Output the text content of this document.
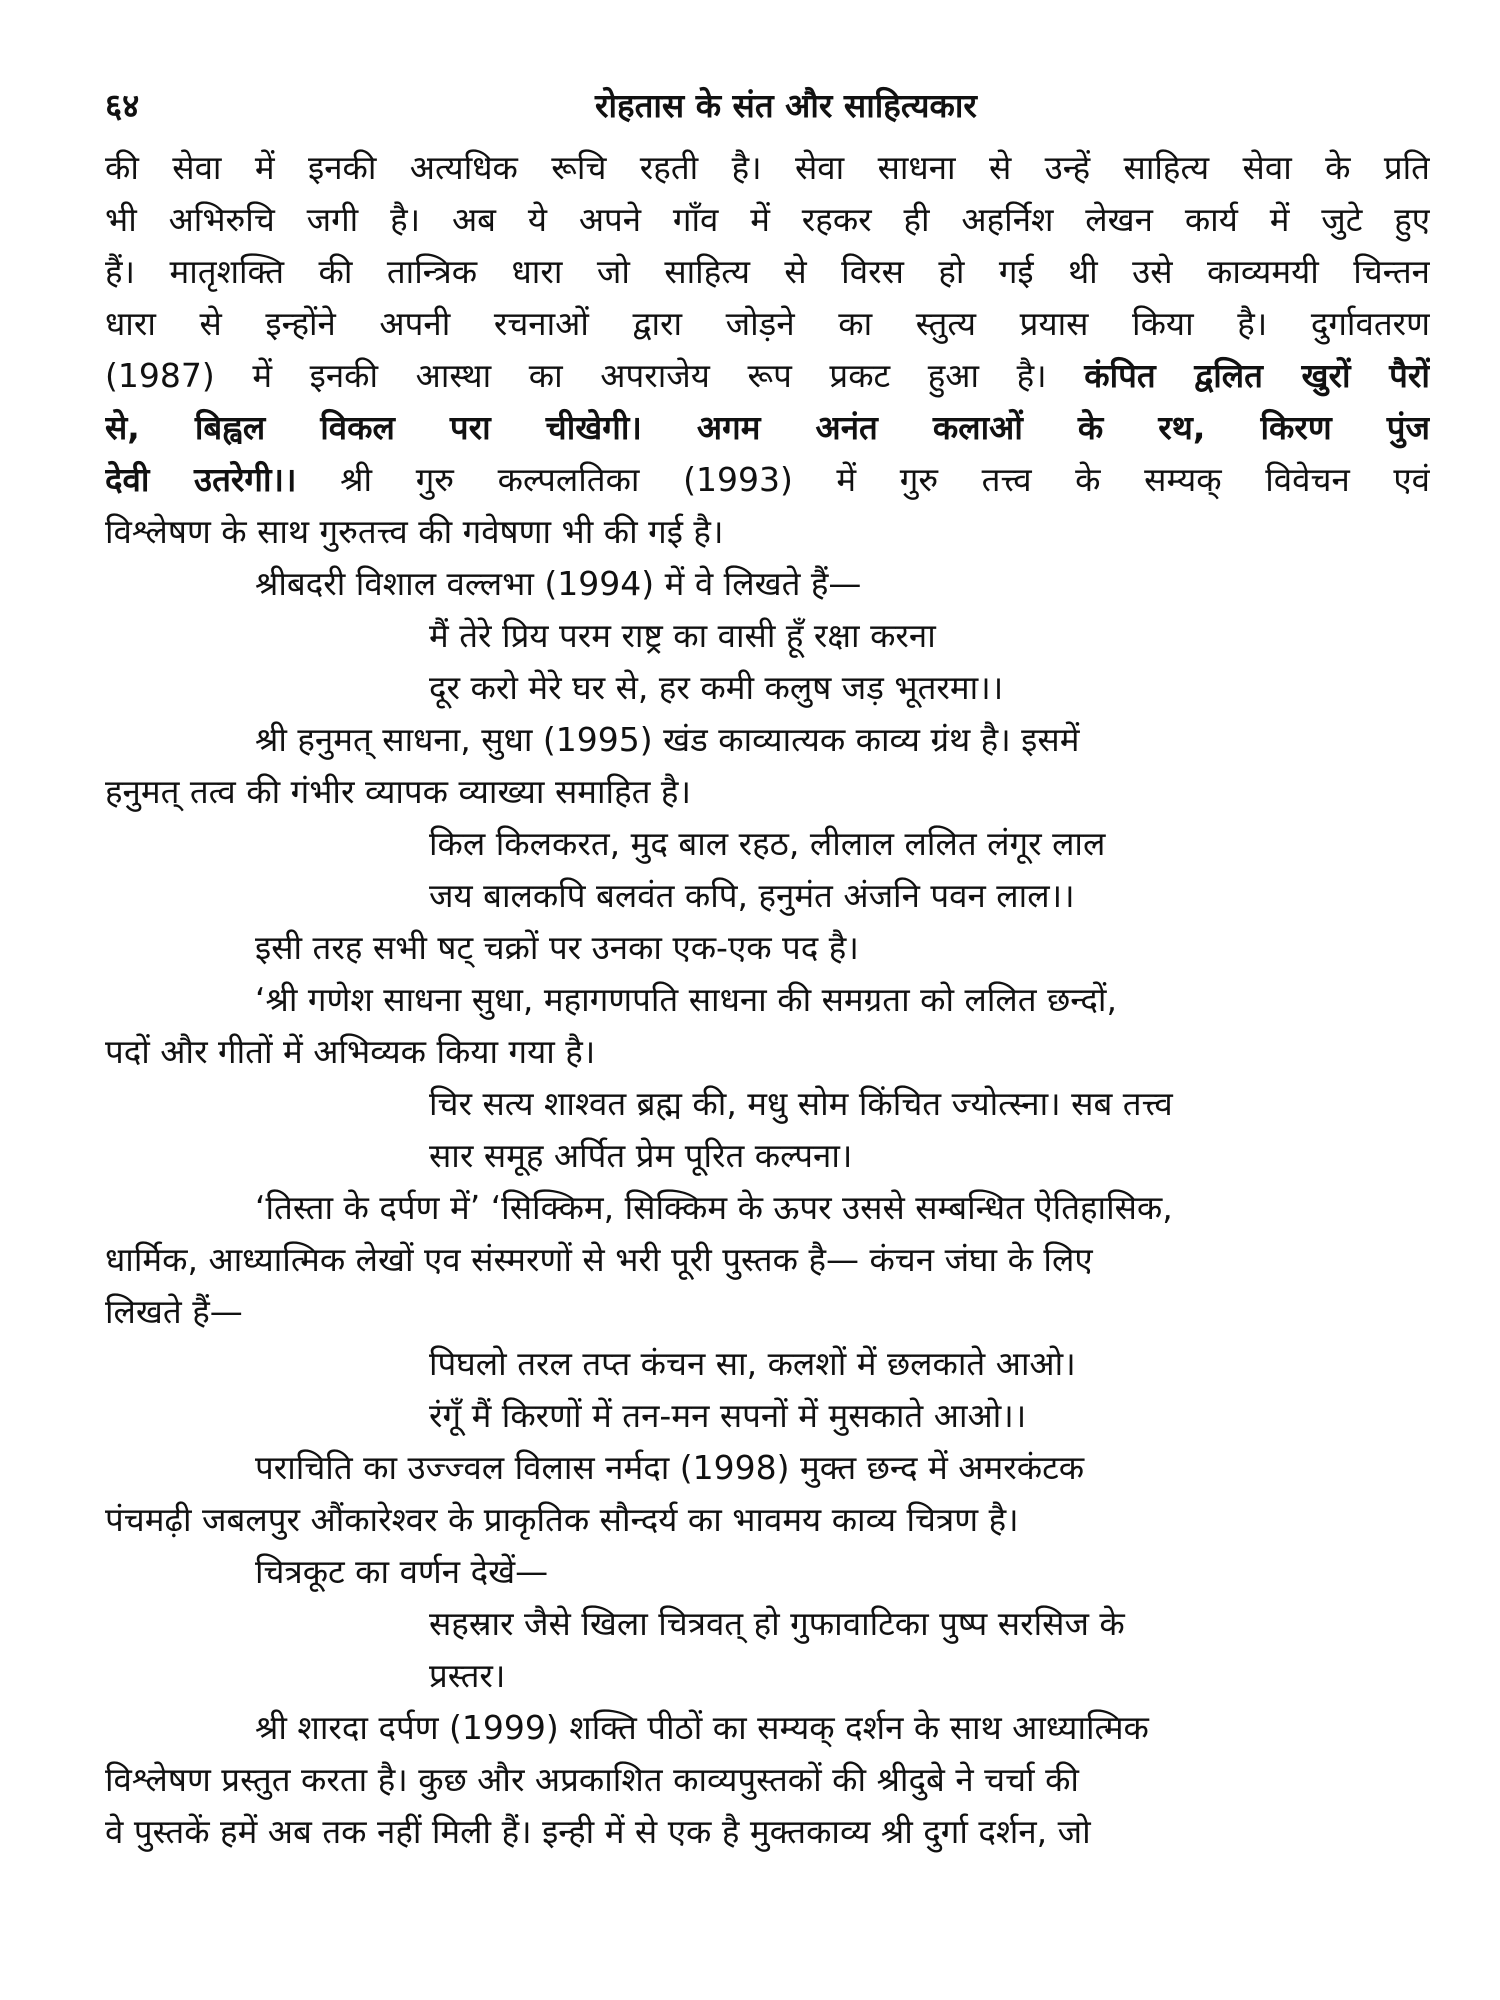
६४	रोहतास के संत और साहित्यकार
की सेवा में इनकी अत्यधिक रूचि रहती है। सेवा साधना से उन्हें साहित्य सेवा के प्रति
भी अभिरुचि जगी है। अब ये अपने गाँव में रहकर ही अहर्निश लेखन कार्य में जुटे हुए
हैं। मातृशक्ति की तान्त्रिक धारा जो साहित्य से विरस हो गई थी उसे काव्यमयी चिन्तन
धारा से इन्होंने अपनी रचनाओं द्वारा जोड़ने का स्तुत्य प्रयास किया है। दुर्गावतरण
(1987) में इनकी आस्था का अपराजेय रूप प्रकट हुआ है। कंपित द्वलित खुरों पैरों
से, बिह्वल विकल परा चीखेगी। अगम अनंत कलाओं के रथ, किरण पुंज
देवी उतरेगी।। श्री गुरु कल्पलतिका (1993) में गुरु तत्त्व के सम्यक् विवेचन एवं
विश्लेषण के साथ गुरुतत्त्व की गवेषणा भी की गई है।
श्रीबदरी विशाल वल्लभा (1994) में वे लिखते हैं—
मैं तेरे प्रिय परम राष्ट्र का वासी हूँ रक्षा करना
दूर करो मेरे घर से, हर कमी कलुष जड़ भूतरमा।।
श्री हनुमत् साधना, सुधा (1995) खंड काव्यात्यक काव्य ग्रंथ है। इसमें
हनुमत् तत्व की गंभीर व्यापक व्याख्या समाहित है।
किल किलकरत, मुद बाल रहठ, लीलाल ललित लंगूर लाल
जय बालकपि बलवंत कपि, हनुमंत अंजनि पवन लाल।।
इसी तरह सभी षट् चक्रों पर उनका एक-एक पद है।
‘श्री गणेश साधना सुधा, महागणपति साधना की समग्रता को ललित छन्दों,
पदों और गीतों में अभिव्यक किया गया है।
चिर सत्य शाश्वत ब्रह्म की, मधु सोम किंचित ज्योत्स्ना। सब तत्त्व
सार समूह अर्पित प्रेम पूरित कल्पना।
‘तिस्ता के दर्पण में’ ‘सिक्किम, सिक्किम के ऊपर उससे सम्बन्धित ऐतिहासिक,
धार्मिक, आध्यात्मिक लेखों एव संस्मरणों से भरी पूरी पुस्तक है— कंचन जंघा के लिए
लिखते हैं—
पिघलो तरल तप्त कंचन सा, कलशों में छलकाते आओ।
रंगूँ मैं किरणों में तन-मन सपनों में मुसकाते आओ।।
पराचिति का उज्ज्वल विलास नर्मदा (1998) मुक्त छन्द में अमरकंटक
पंचमढ़ी जबलपुर औंकारेश्वर के प्राकृतिक सौन्दर्य का भावमय काव्य चित्रण है।
चित्रकूट का वर्णन देखें—
सहस्रार जैसे खिला चित्रवत् हो गुफावाटिका पुष्प सरसिज के
प्रस्तर।
श्री शारदा दर्पण (1999) शक्ति पीठों का सम्यक् दर्शन के साथ आध्यात्मिक
विश्लेषण प्रस्तुत करता है। कुछ और अप्रकाशित काव्यपुस्तकों की श्रीदुबे ने चर्चा की
वे पुस्तकें हमें अब तक नहीं मिली हैं। इन्ही में से एक है मुक्तकाव्य श्री दुर्गा दर्शन, जो
